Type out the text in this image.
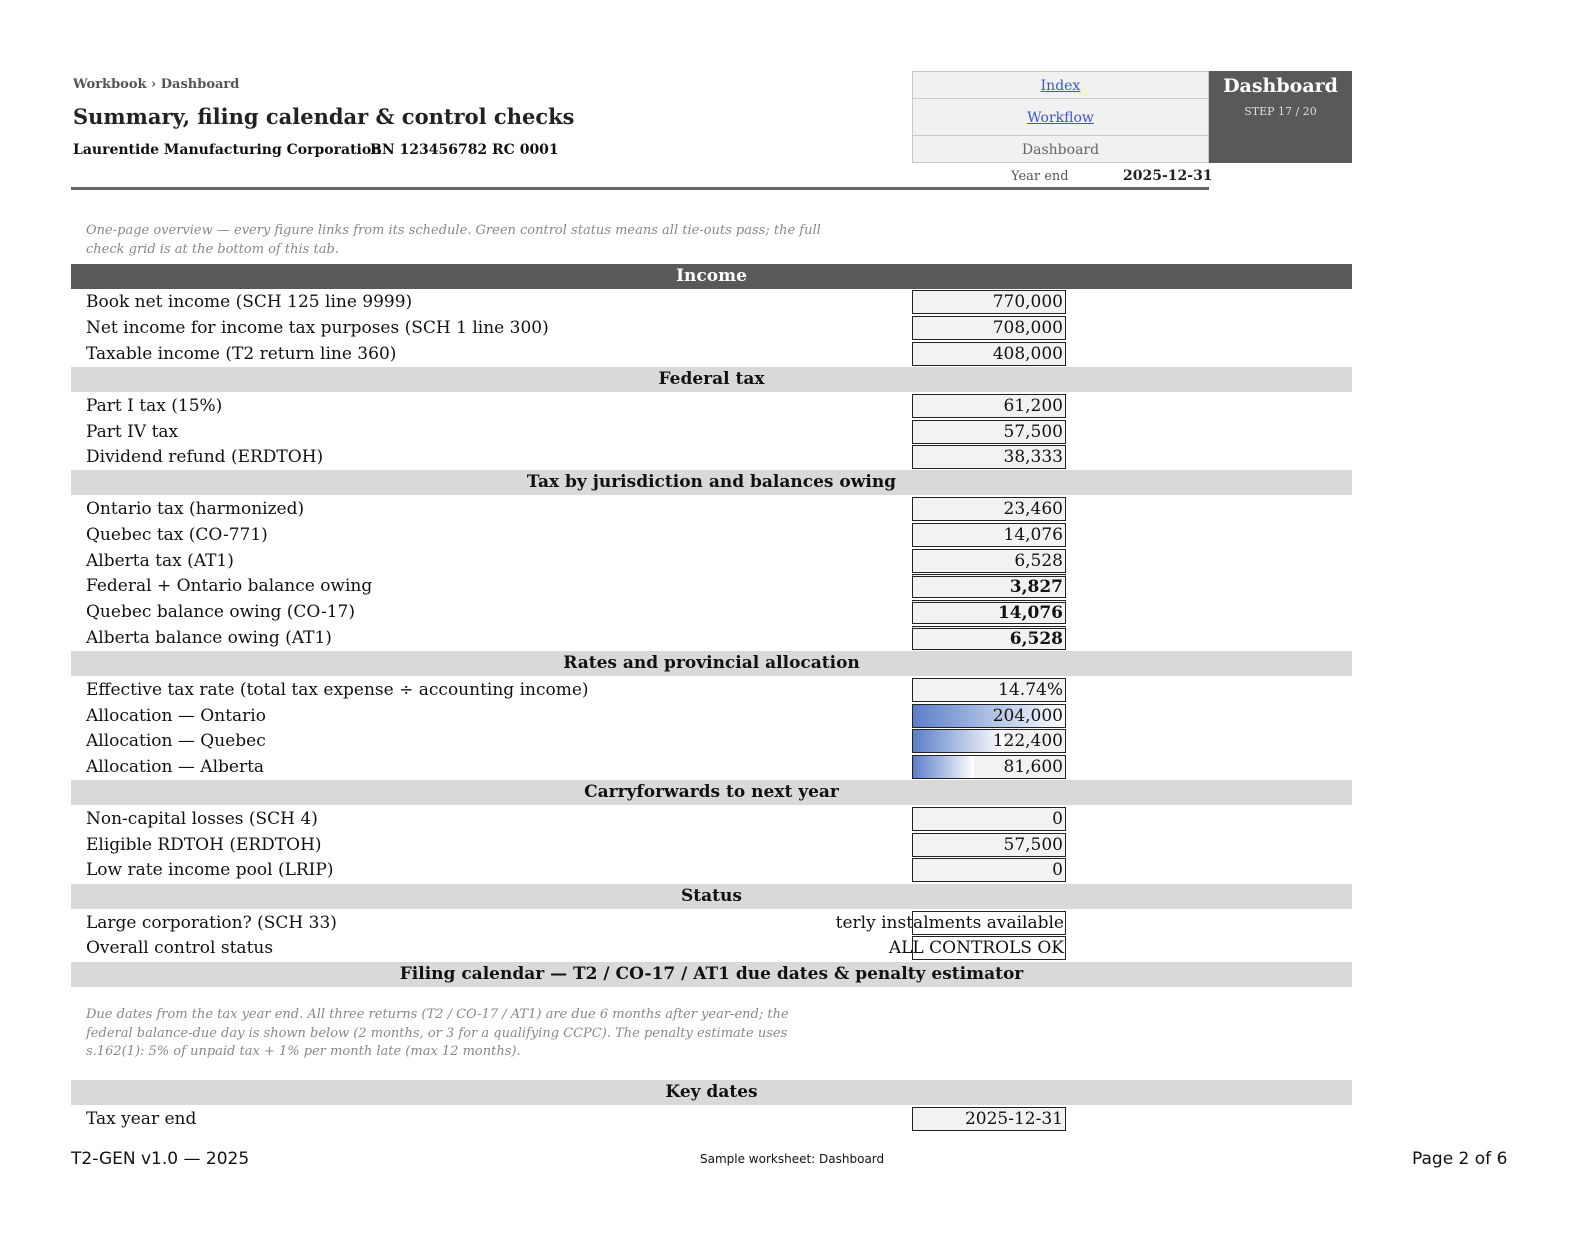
Workbook › Dashboard
Summary, filing calendar & control checks
Laurentide Manufacturing Corporation
BN 123456782 RC 0001
Index
Workflow
Dashboard
Dashboard
STEP 17 / 20
Year end	2025-12-31
One-page overview — every figure links from its schedule. Green control status means all tie-outs pass; the full check grid is at the bottom of this tab.
Income
Book net income (SCH 125 line 9999)	770,000
Net income for income tax purposes (SCH 1 line 300)	708,000
Taxable income (T2 return line 360)	408,000
Federal tax
Part I tax (15%)	61,200
Part IV tax	57,500
Dividend refund (ERDTOH)	38,333
Tax by jurisdiction and balances owing
Ontario tax (harmonized)	23,460
Quebec tax (CO-771)	14,076
Alberta tax (AT1)	6,528
Federal + Ontario balance owing	3,827
Quebec balance owing (CO-17)	14,076
Alberta balance owing (AT1)	6,528
Rates and provincial allocation
Effective tax rate (total tax expense ÷ accounting income)	14.74%
Allocation — Ontario	204,000
Allocation — Quebec	122,400
Allocation — Alberta	81,600
Carryforwards to next year
Non-capital losses (SCH 4)	0
Eligible RDTOH (ERDTOH)	57,500
Low rate income pool (LRIP)	0
Status
Large corporation? (SCH 33)	terly instalments available
Overall control status	ALL CONTROLS OK
Filing calendar — T2 / CO-17 / AT1 due dates & penalty estimator
Due dates from the tax year end. All three returns (T2 / CO-17 / AT1) are due 6 months after year-end; the federal balance-due day is shown below (2 months, or 3 for a qualifying CCPC). The penalty estimate uses s.162(1): 5% of unpaid tax + 1% per month late (max 12 months).
Key dates
Tax year end	2025-12-31
T2-GEN v1.0 — 2025	Sample worksheet: Dashboard	Page 2 of 6
